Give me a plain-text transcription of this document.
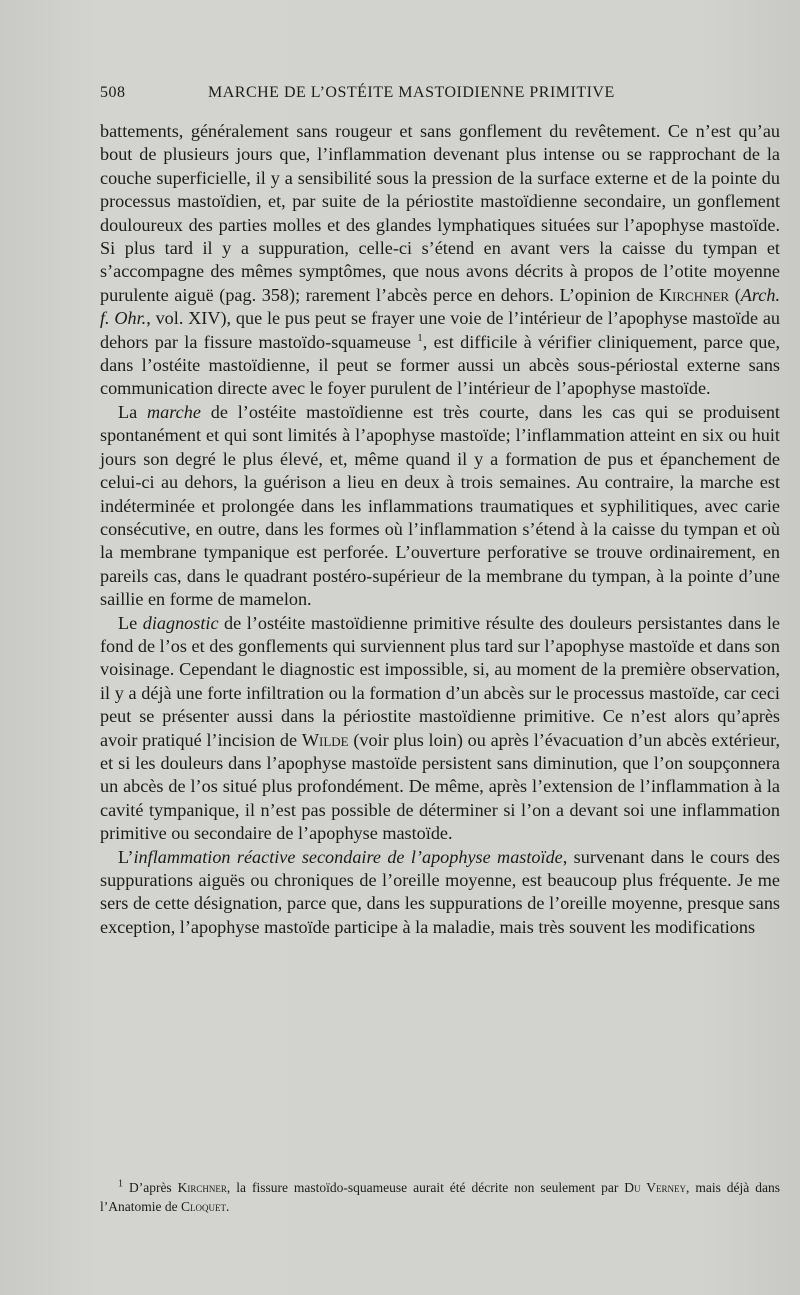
508	MARCHE DE L’OSTÉITE MASTOIDIENNE PRIMITIVE

battements, généralement sans rougeur et sans gonflement du revêtement. Ce n’est qu’au bout de plusieurs jours que, l’inflammation devenant plus intense ou se rapprochant de la couche superficielle, il y a sensibilité sous la pression de la surface externe et de la pointe du processus mastoïdien, et, par suite de la périostite mastoïdienne secondaire, un gonflement douloureux des parties molles et des glandes lymphatiques situées sur l’apophyse mastoïde. Si plus tard il y a suppuration, celle-ci s’étend en avant vers la caisse du tympan et s’accompagne des mêmes symptômes, que nous avons décrits à propos de l’otite moyenne purulente aiguë (pag. 358); rarement l’abcès perce en dehors. L’opinion de Kirchner (Arch. f. Ohr., vol. XIV), que le pus peut se frayer une voie de l’intérieur de l’apophyse mastoïde au dehors par la fissure mastoïdo-squameuse $^1$, est difficile à vérifier cliniquement, parce que, dans l’ostéite mastoïdienne, il peut se former aussi un abcès sous-périostal externe sans communication directe avec le foyer purulent de l’intérieur de l’apophyse mastoïde.

La marche de l’ostéite mastoïdienne est très courte, dans les cas qui se produisent spontanément et qui sont limités à l’apophyse mastoïde; l’inflammation atteint en six ou huit jours son degré le plus élevé, et, même quand il y a formation de pus et épanchement de celui-ci au dehors, la guérison a lieu en deux à trois semaines. Au contraire, la marche est indéterminée et prolongée dans les inflammations traumatiques et syphilitiques, avec carie consécutive, en outre, dans les formes où l’inflammation s’étend à la caisse du tympan et où la membrane tympanique est perforée. L’ouverture perforative se trouve ordinairement, en pareils cas, dans le quadrant postéro-supérieur de la membrane du tympan, à la pointe d’une saillie en forme de mamelon.

Le diagnostic de l’ostéite mastoïdienne primitive résulte des douleurs persistantes dans le fond de l’os et des gonflements qui surviennent plus tard sur l’apophyse mastoïde et dans son voisinage. Cependant le diagnostic est impossible, si, au moment de la première observation, il y a déjà une forte infiltration ou la formation d’un abcès sur le processus mastoïde, car ceci peut se présenter aussi dans la périostite mastoïdienne primitive. Ce n’est alors qu’après avoir pratiqué l’incision de Wilde (voir plus loin) ou après l’évacuation d’un abcès extérieur, et si les douleurs dans l’apophyse mastoïde persistent sans diminution, que l’on soupçonnera un abcès de l’os situé plus profondément. De même, après l’extension de l’inflammation à la cavité tympanique, il n’est pas possible de déterminer si l’on a devant soi une inflammation primitive ou secondaire de l’apophyse mastoïde.

L’inflammation réactive secondaire de l’apophyse mastoïde, survenant dans le cours des suppurations aiguës ou chroniques de l’oreille moyenne, est beaucoup plus fréquente. Je me sers de cette désignation, parce que, dans les suppurations de l’oreille moyenne, presque sans exception, l’apophyse mastoïde participe à la maladie, mais très souvent les modifications

$^1$ D’après Kirchner, la fissure mastoïdo-squameuse aurait été décrite non seulement par Du Verney, mais déjà dans l’Anatomie de Cloquet.
